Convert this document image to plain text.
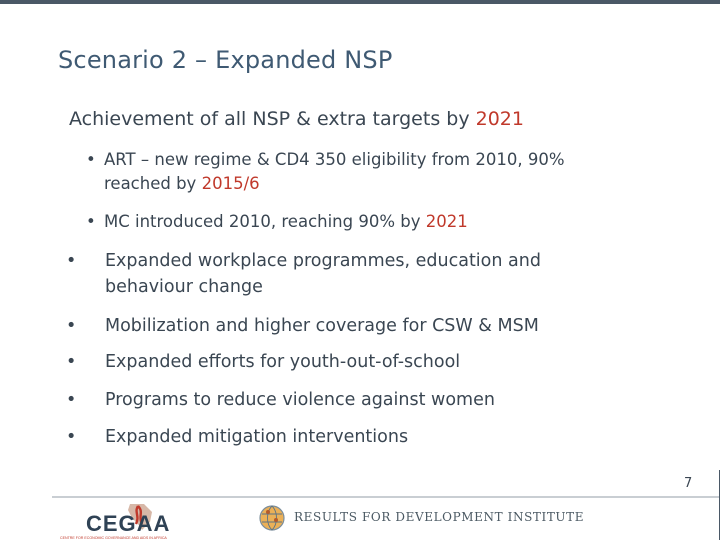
Scenario 2 – Expanded NSP
Achievement of all NSP & extra targets by 2021
• ART – new regime & CD4 350 eligibility from 2010, 90%
reached by 2015/6
• MC introduced 2010, reaching 90% by 2021
• Expanded workplace programmes, education and
behaviour change
• Mobilization and higher coverage for CSW & MSM
• Expanded efforts for youth-out-of-school
• Programs to reduce violence against women
• Expanded mitigation interventions
7
CEGAA
CENTRE FOR ECONOMIC GOVERNANCE AND AIDS IN AFRICA
RESULTS FOR DEVELOPMENT INSTITUTE
